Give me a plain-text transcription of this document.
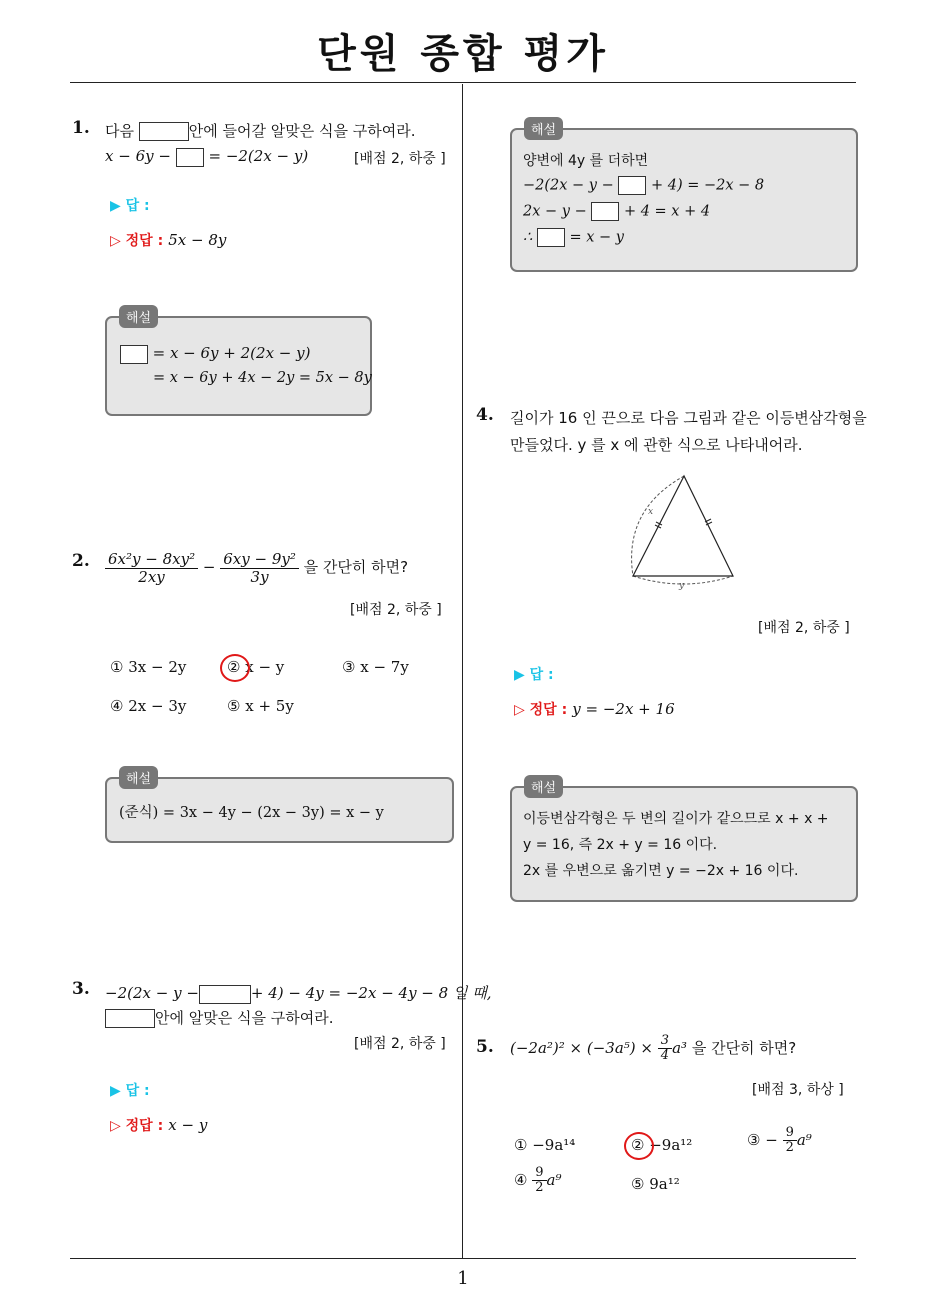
단원 종합 평가
1
1. 다음	안에 들어갈 알맞은 식을 구하여라.
x − 6y −	= −2(2x − y)	[배점 2, 하중 ]
▶ 답 :
▷ 정답 : 5x − 8y
해설
= x − 6y + 2(2x − y)
= x − 6y + 4x − 2y = 5x − 8y
2. $\frac{\text{6x²y − 8xy²}}{2xy} - \frac{\text{6xy − 9y²}}{3y}$ 을 간단히 하면?
[배점 2, 하중 ]
① 3x − 2y	② x − y	③ x − 7y
④ 2x − 3y	⑤ x + 5y
해설
(준식) = 3x − 4y − (2x − 3y) = x − y
3. −2(2x − y −	+ 4) − 4y = −2x − 4y − 8 일 때,
안에 알맞은 식을 구하여라.
[배점 2, 하중 ]
▶ 답 :
▷ 정답 : x − y
해설
양변에 4y 를 더하면
−2(2x − y −	+ 4) = −2x − 8
2x − y −	+ 4 = x + 4
∴	= x − y
4. 길이가 16 인 끈으로 다음 그림과 같은 이등변삼각형을
만들었다. y 를 x 에 관한 식으로 나타내어라.
x
y
[배점 2, 하중 ]
▶ 답 :
▷ 정답 : y = −2x + 16
해설
이등변삼각형은 두 변의 길이가 같으므로 x + x +
y = 16, 즉 2x + y = 16 이다.
2x 를 우변으로 옮기면 y = −2x + 16 이다.
5. $(-2a^2)^2 \times (-3a^5) \times \frac{3}{4} a^3$ 을 간단히 하면?
[배점 3, 하상 ]
① −9a¹⁴	② −9a¹²	③ − $\frac{9}{2} a^9$
④ $\frac{9}{2} a^9$	⑤ 9a¹²
